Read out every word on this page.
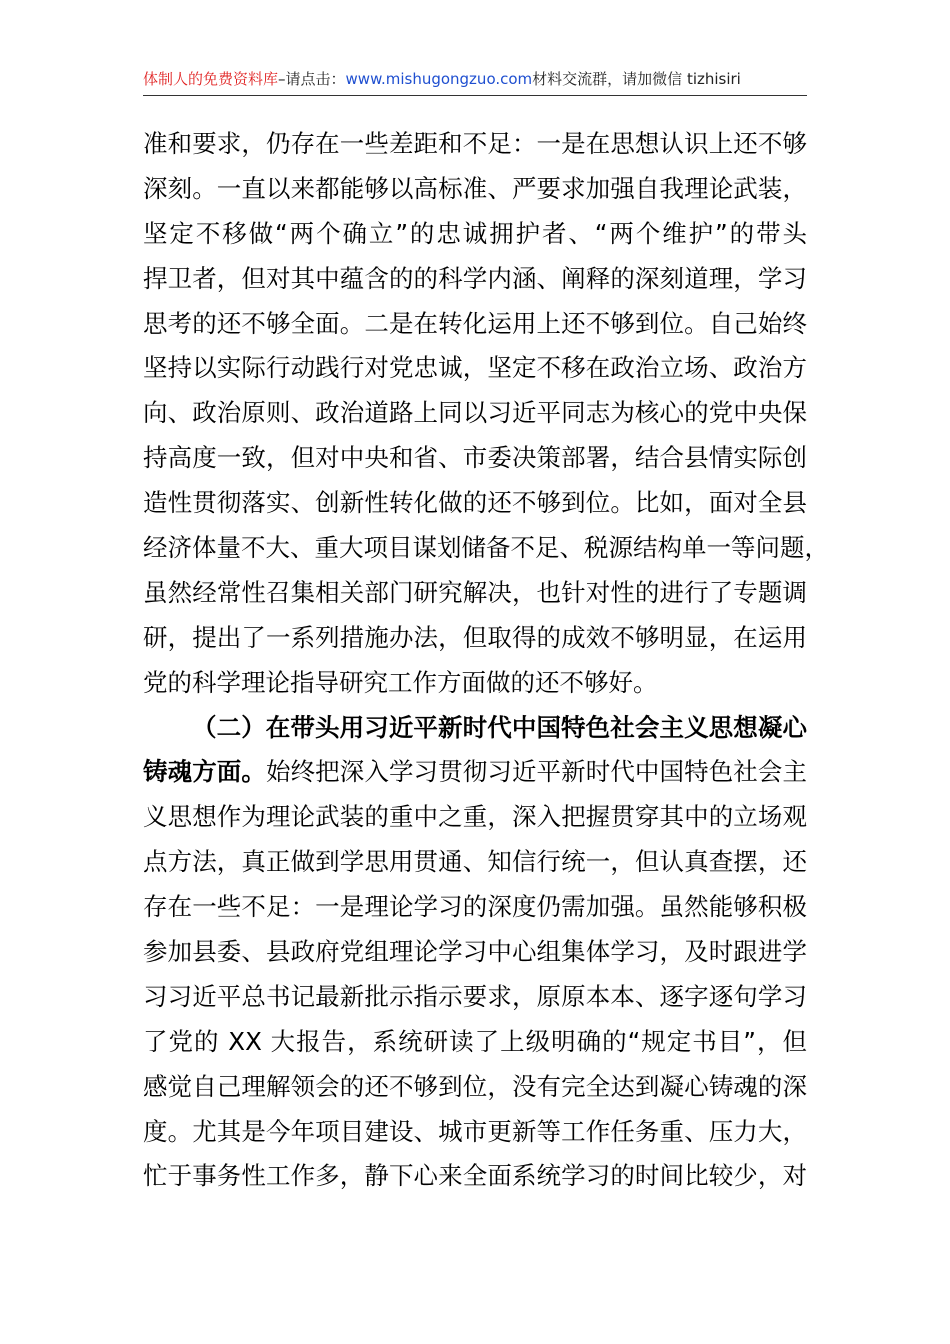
体制人的免费资料库–请点击：www.mishugongzuo.com材料交流群，请加微信 tizhisiri
准和要求，仍存在一些差距和不足：一是在思想认识上还不够
深刻。一直以来都能够以高标准、严要求加强自我理论武装，
坚定不移做“两个确立”的忠诚拥护者、“两个维护”的带头
捍卫者，但对其中蕴含的的科学内涵、阐释的深刻道理，学习
思考的还不够全面。二是在转化运用上还不够到位。自己始终
坚持以实际行动践行对党忠诚，坚定不移在政治立场、政治方
向、政治原则、政治道路上同以习近平同志为核心的党中央保
持高度一致，但对中央和省、市委决策部署，结合县情实际创
造性贯彻落实、创新性转化做的还不够到位。比如，面对全县
经济体量不大、重大项目谋划储备不足、税源结构单一等问题，
虽然经常性召集相关部门研究解决，也针对性的进行了专题调
研，提出了一系列措施办法，但取得的成效不够明显，在运用
党的科学理论指导研究工作方面做的还不够好。
（二）在带头用习近平新时代中国特色社会主义思想凝心
铸魂方面。始终把深入学习贯彻习近平新时代中国特色社会主
义思想作为理论武装的重中之重，深入把握贯穿其中的立场观
点方法，真正做到学思用贯通、知信行统一，但认真查摆，还
存在一些不足：一是理论学习的深度仍需加强。虽然能够积极
参加县委、县政府党组理论学习中心组集体学习，及时跟进学
习习近平总书记最新批示指示要求，原原本本、逐字逐句学习
了党的 XX 大报告，系统研读了上级明确的“规定书目”，但
感觉自己理解领会的还不够到位，没有完全达到凝心铸魂的深
度。尤其是今年项目建设、城市更新等工作任务重、压力大，
忙于事务性工作多，静下心来全面系统学习的时间比较少，对
